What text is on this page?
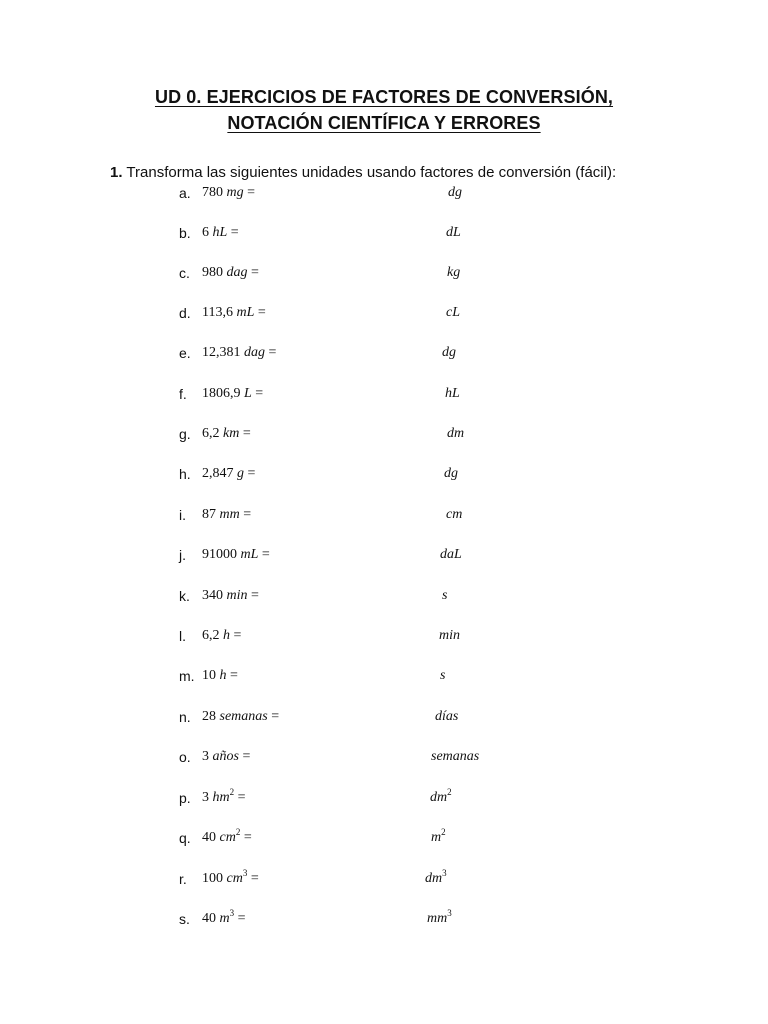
UD 0. EJERCICIOS DE FACTORES DE CONVERSIÓN,
NOTACIÓN CIENTÍFICA Y ERRORES
1. Transforma las siguientes unidades usando factores de conversión (fácil):
a. 780 mg =	dg
b. 6 hL =	dL
c. 980 dag =	kg
d. 113,6 mL =	cL
e. 12,381 dag =	dg
f. 1806,9 L =	hL
g. 6,2 km =	dm
h. 2,847 g =	dg
i. 87 mm =	cm
j. 91000 mL =	daL
k. 340 min =	s
l. 6,2 h =	min
m. 10 h =	s
n. 28 semanas =	días
o. 3 años =	semanas
p. 3 $hm^2$ =	$dm^2$
q. 40 $cm^2$ =	$m^2$
r. 100 $cm^3$ =	$dm^3$
s. 40 $m^3$ =	$mm^3$
